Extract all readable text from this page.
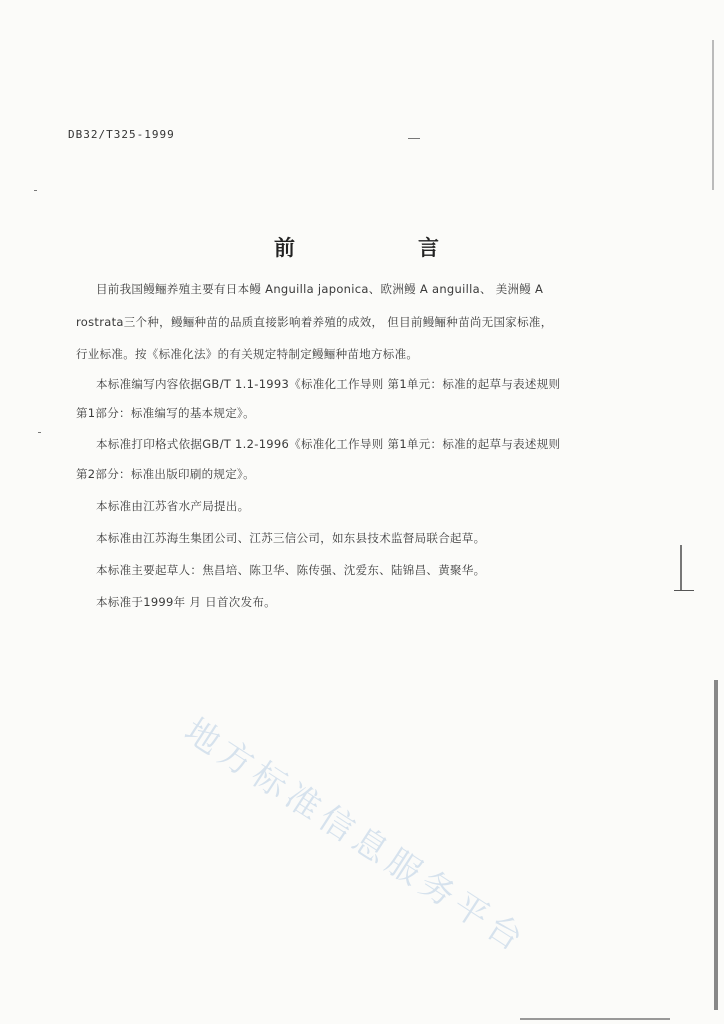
DB32/T325-1999
前	言
目前我国鳗鲡养殖主要有日本鳗 Anguilla japonica、欧洲鳗 A anguilla、 美洲鳗 A
rostrata三个种，鳗鲡种苗的品质直接影响着养殖的成效， 但目前鳗鲡种苗尚无国家标准，
行业标准。按《标准化法》的有关规定特制定鳗鲡种苗地方标准。
本标准编写内容依据GB/T 1.1-1993《标准化工作导则 第1单元：标准的起草与表述规则
第1部分：标准编写的基本规定》。
本标准打印格式依据GB/T 1.2-1996《标准化工作导则 第1单元：标准的起草与表述规则
第2部分：标准出版印刷的规定》。
本标准由江苏省水产局提出。
本标准由江苏海生集团公司、江苏三信公司，如东县技术监督局联合起草。
本标准主要起草人：焦昌培、陈卫华、陈传强、沈爱东、陆锦昌、黄聚华。
本标准于1999年 月 日首次发布。
地方标准信息服务平台
